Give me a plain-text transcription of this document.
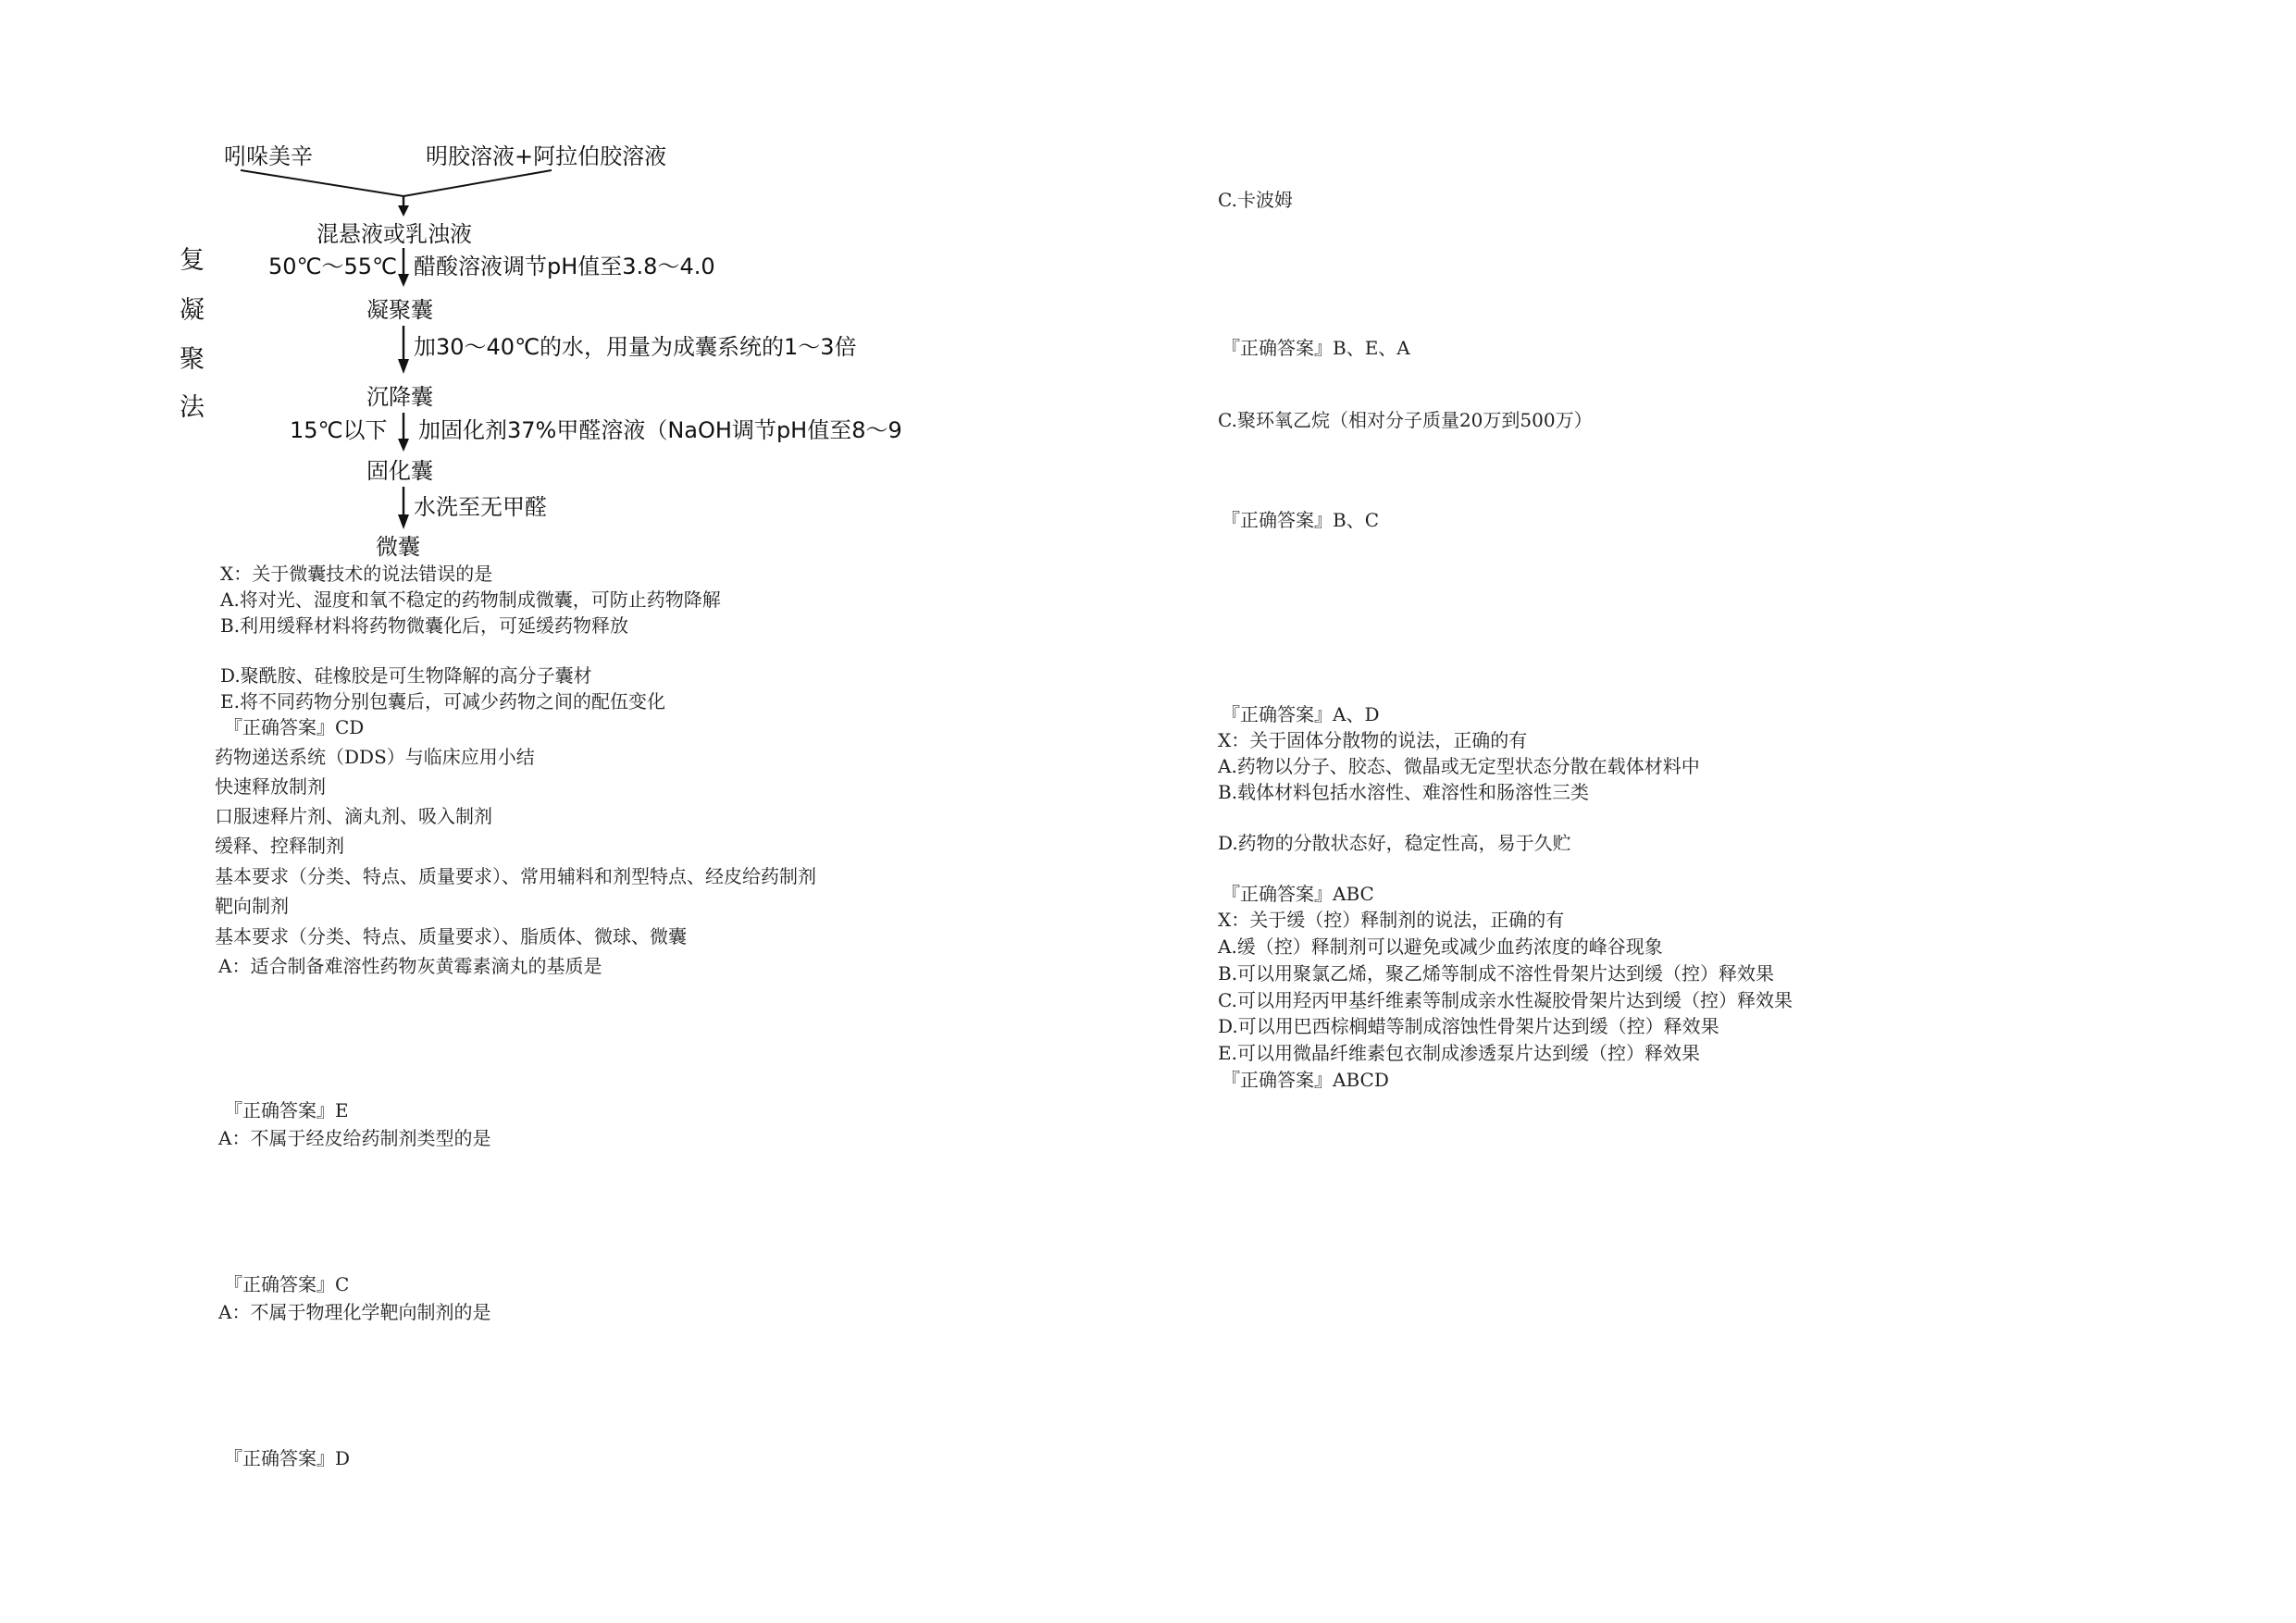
复
凝
聚
法
吲哚美辛	明胶溶液+阿拉伯胶溶液
混悬液或乳浊液
50℃～55℃ 醋酸溶液调节pH值至3.8～4.0
凝聚囊
加30～40℃的水，用量为成囊系统的1～3倍
沉降囊
15℃以下 加固化剂37%甲醛溶液（NaOH调节pH值至8～9
固化囊
水洗至无甲醛
微囊
X：关于微囊技术的说法错误的是
A.将对光、湿度和氧不稳定的药物制成微囊，可防止药物降解
B.利用缓释材料将药物微囊化后，可延缓药物释放
D.聚酰胺、硅橡胶是可生物降解的高分子囊材
E.将不同药物分别包囊后，可减少药物之间的配伍变化
『正确答案』CD
药物递送系统（DDS）与临床应用小结
快速释放制剂
口服速释片剂、滴丸剂、吸入制剂
缓释、控释制剂
基本要求（分类、特点、质量要求）、常用辅料和剂型特点、经皮给药制剂
靶向制剂
基本要求（分类、特点、质量要求）、脂质体、微球、微囊
A：适合制备难溶性药物灰黄霉素滴丸的基质是
『正确答案』E
A：不属于经皮给药制剂类型的是
『正确答案』C
A：不属于物理化学靶向制剂的是
『正确答案』D
C.卡波姆
『正确答案』B、E、A
C.聚环氧乙烷（相对分子质量20万到500万）
『正确答案』B、C
『正确答案』A、D
X：关于固体分散物的说法，正确的有
A.药物以分子、胶态、微晶或无定型状态分散在载体材料中
B.载体材料包括水溶性、难溶性和肠溶性三类
D.药物的分散状态好，稳定性高，易于久贮
『正确答案』ABC
X：关于缓（控）释制剂的说法，正确的有
A.缓（控）释制剂可以避免或减少血药浓度的峰谷现象
B.可以用聚氯乙烯，聚乙烯等制成不溶性骨架片达到缓（控）释效果
C.可以用羟丙甲基纤维素等制成亲水性凝胶骨架片达到缓（控）释效果
D.可以用巴西棕榈蜡等制成溶蚀性骨架片达到缓（控）释效果
E.可以用微晶纤维素包衣制成渗透泵片达到缓（控）释效果
『正确答案』ABCD
